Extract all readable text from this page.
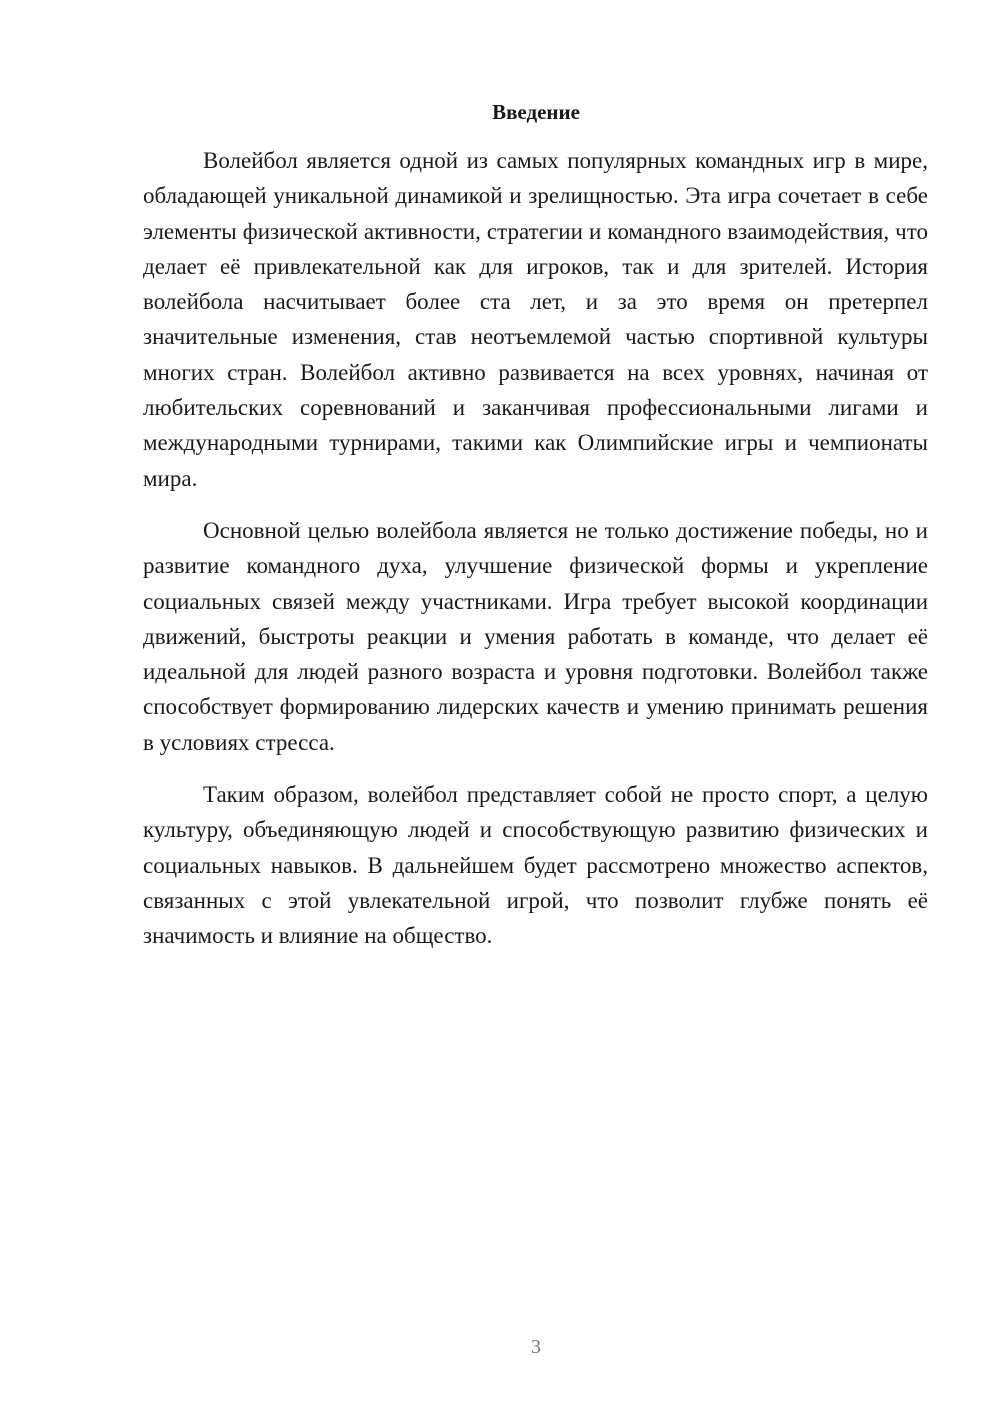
Введение

Волейбол является одной из самых популярных командных игр в мире, обладающей уникальной динамикой и зрелищностью. Эта игра сочетает в себе элементы физической активности, стратегии и командного взаимодействия, что делает её привлекательной как для игроков, так и для зрителей. История волейбола насчитывает более ста лет, и за это время он претерпел значительные изменения, став неотъемлемой частью спортивной культуры многих стран. Волейбол активно развивается на всех уровнях, начиная от любительских соревнований и заканчивая профессиональными лигами и международными турнирами, такими как Олимпийские игры и чемпионаты мира.

Основной целью волейбола является не только достижение победы, но и развитие командного духа, улучшение физической формы и укрепление социальных связей между участниками. Игра требует высокой координации движений, быстроты реакции и умения работать в команде, что делает её идеальной для людей разного возраста и уровня подготовки. Волейбол также способствует формированию лидерских качеств и умению принимать решения в условиях стресса.

Таким образом, волейбол представляет собой не просто спорт, а целую культуру, объединяющую людей и способствующую развитию физических и социальных навыков. В дальнейшем будет рассмотрено множество аспектов, связанных с этой увлекательной игрой, что позволит глубже понять её значимость и влияние на общество.

3
